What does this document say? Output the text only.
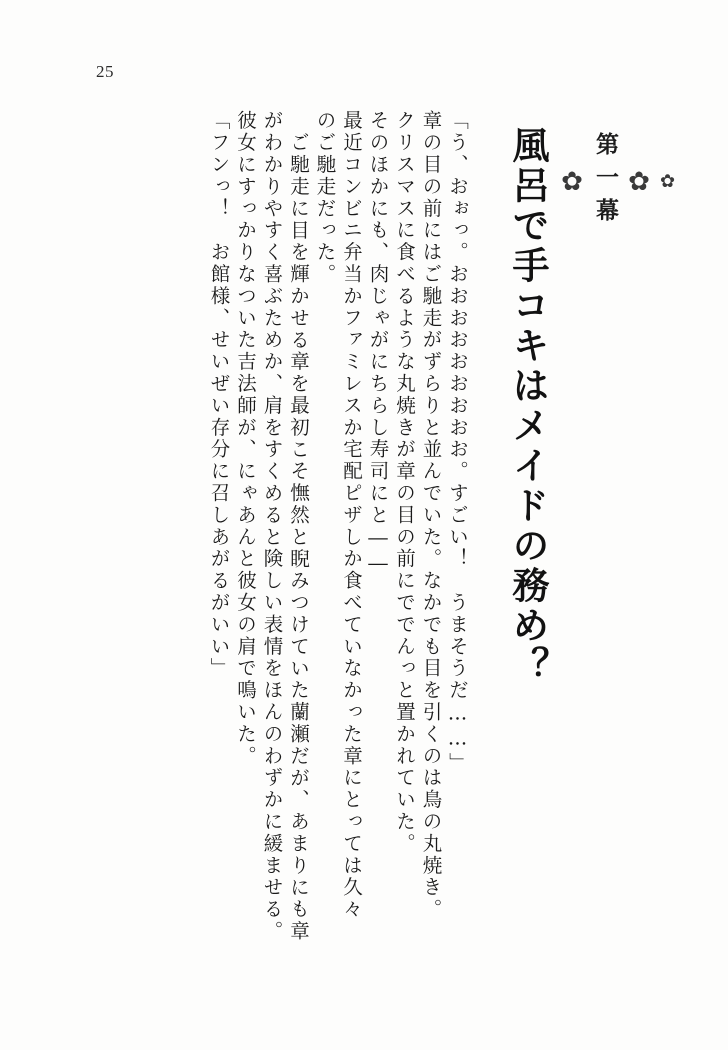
25
✿
✿
第一幕
✿
風呂で手コキはメイドの務め？
「う、おぉっ。おおおおおおおおお。すごい！　うまそうだ……」
章の目の前にはご馳走がずらりと並んでいた。なかでも目を引くのは鳥の丸焼き。
クリスマスに食べるような丸焼きが章の目の前にででんっと置かれていた。
そのほかにも、肉じゃがにちらし寿司にと――
最近コンビニ弁当かファミレスか宅配ピザしか食べていなかった章にとっては久々
のご馳走だった。
ご馳走に目を輝かせる章を最初こそ憮然と睨みつけていた蘭瀬だが、あまりにも章
がわかりやすく喜ぶためか、肩をすくめると険しい表情をほんのわずかに緩ませる。
彼女にすっかりなついた吉法師が、にゃあんと彼女の肩で鳴いた。
「フンっ！　お館様、せいぜい存分に召しあがるがいい」
